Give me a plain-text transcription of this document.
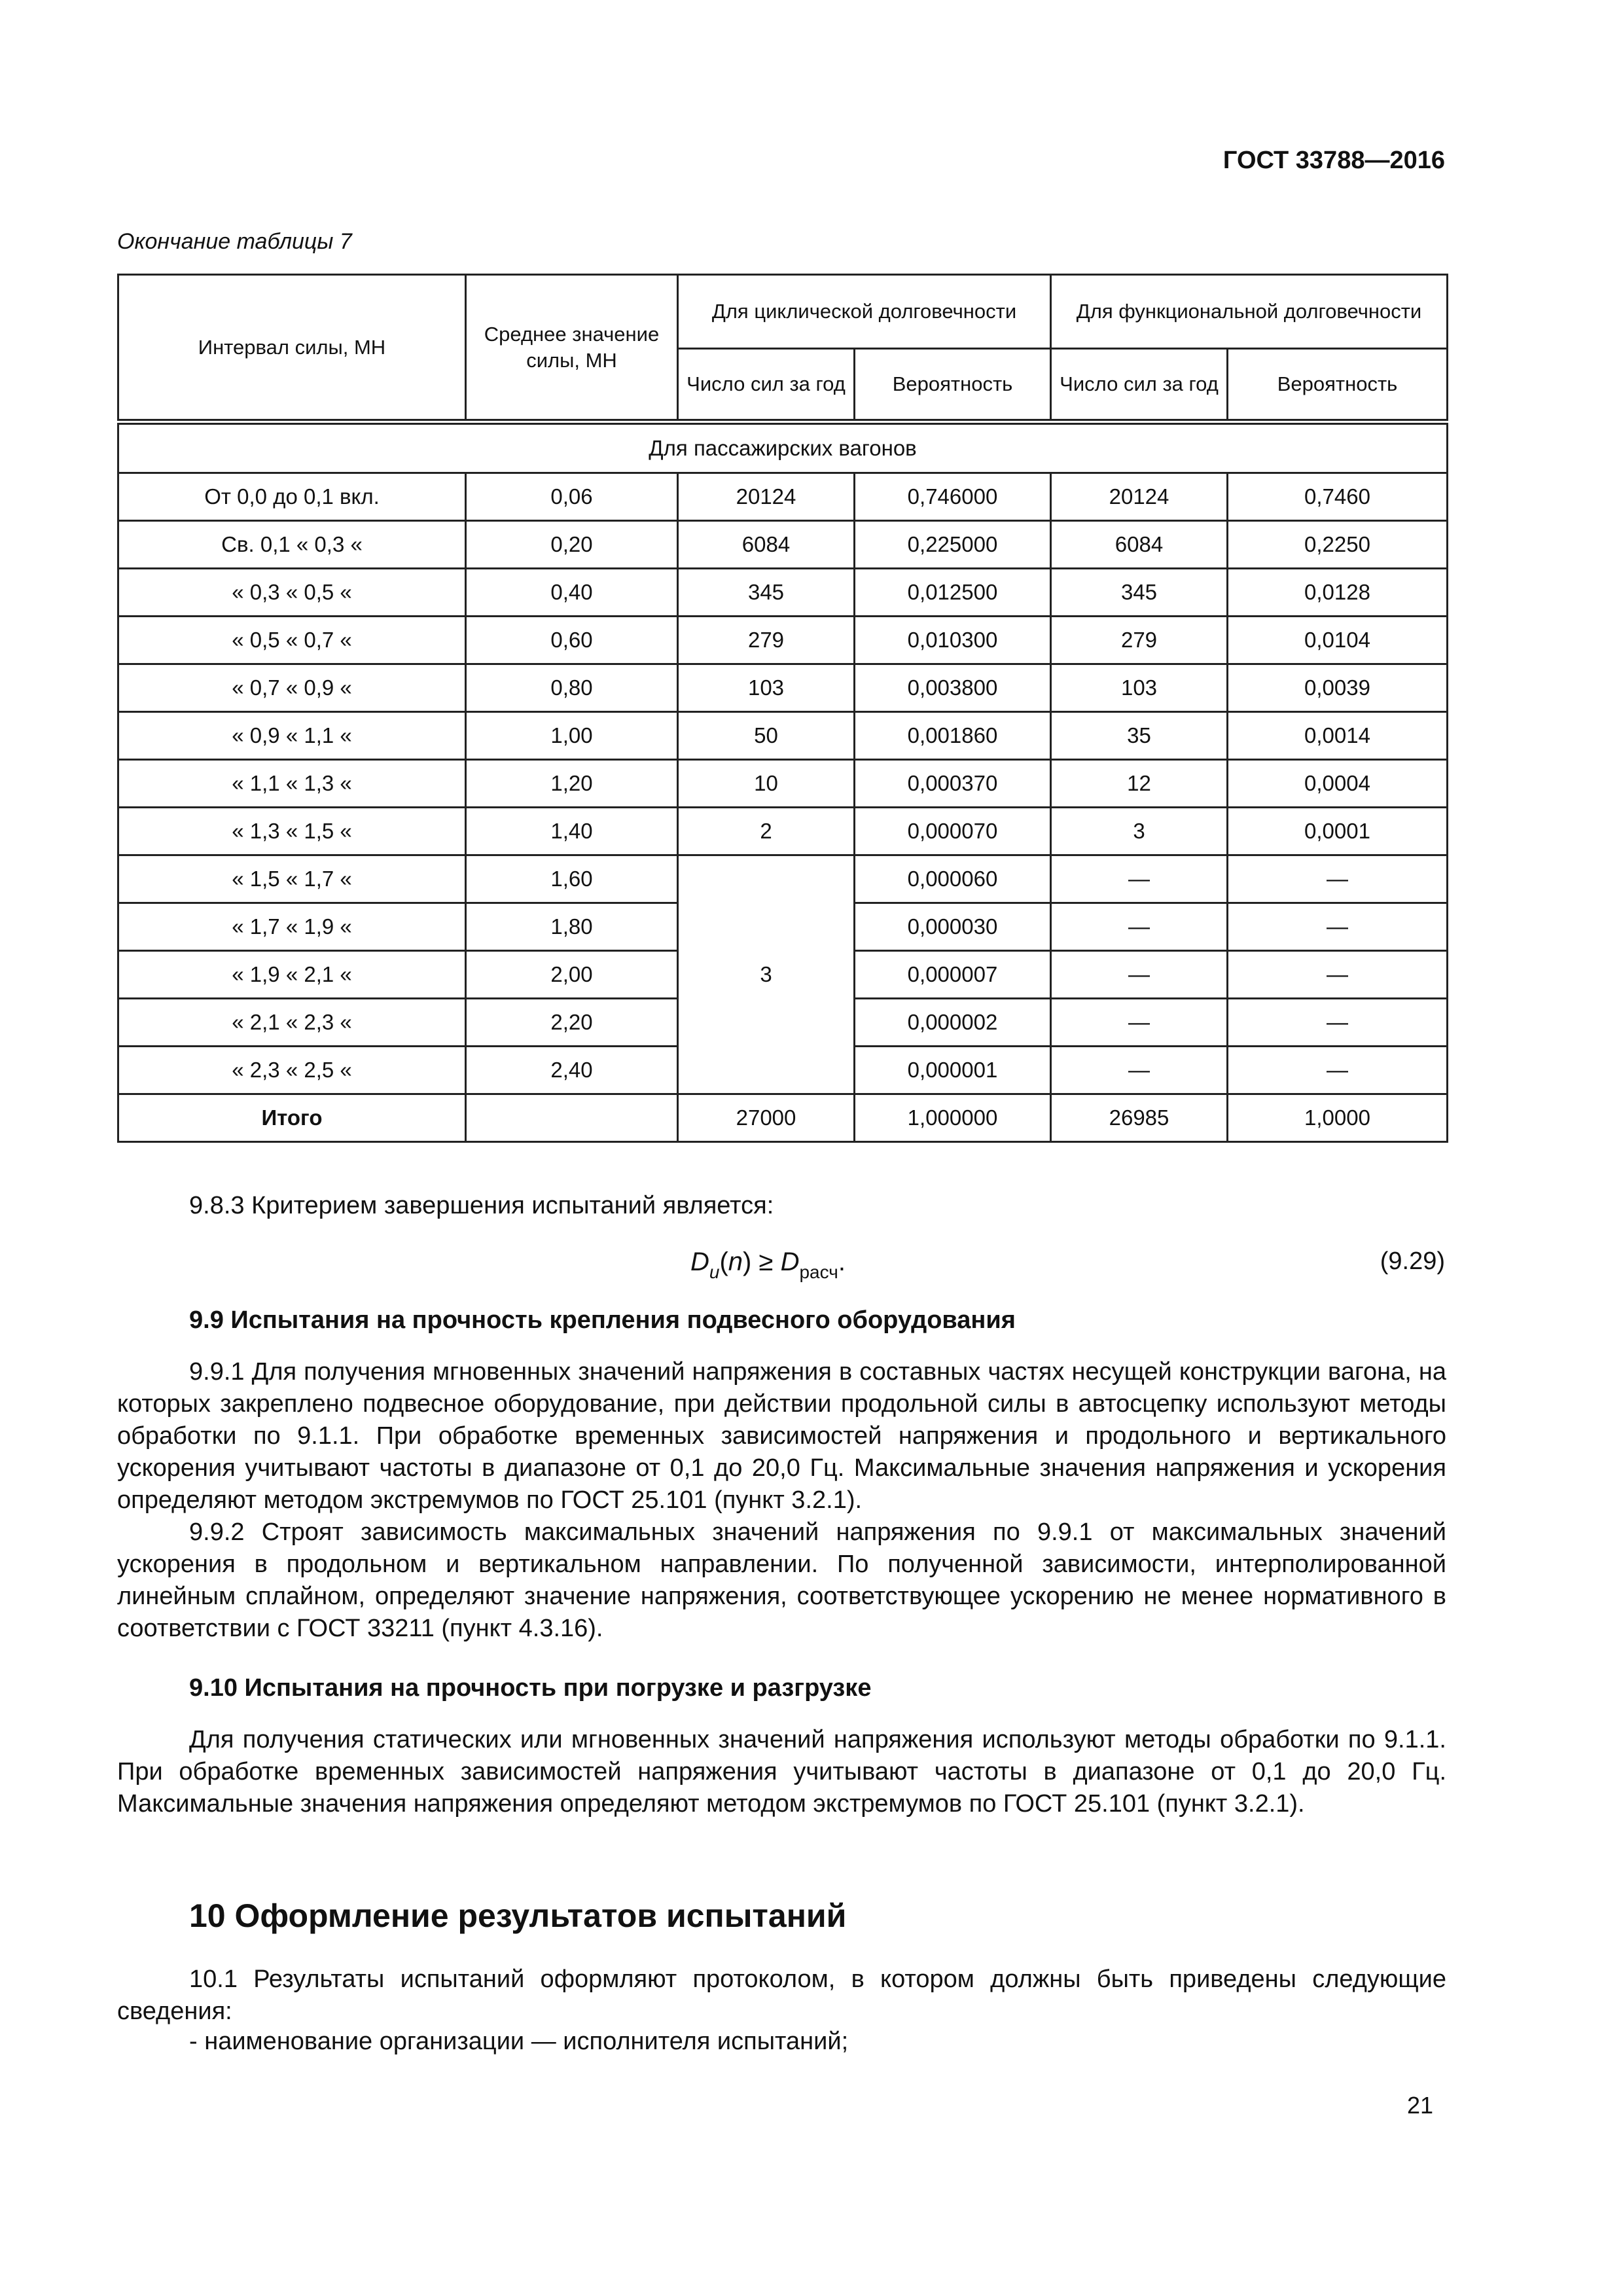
ГОСТ 33788—2016
Окончание таблицы 7
Интервал силы, МН	Среднее значение силы, МН	Для циклической долговечности		Для функциональной долговечности	
		Число сил за год	Вероятность	Число сил за год	Вероятность
Для пассажирских вагонов					
От 0,0 до 0,1 вкл.	0,06	20124	0,746000	20124	0,7460
Св. 0,1 « 0,3 «	0,20	6084	0,225000	6084	0,2250
« 0,3 « 0,5 «	0,40	345	0,012500	345	0,0128
« 0,5 « 0,7 «	0,60	279	0,010300	279	0,0104
« 0,7 « 0,9 «	0,80	103	0,003800	103	0,0039
« 0,9 « 1,1 «	1,00	50	0,001860	35	0,0014
« 1,1 « 1,3 «	1,20	10	0,000370	12	0,0004
« 1,3 « 1,5 «	1,40	2	0,000070	3	0,0001
« 1,5 « 1,7 «	1,60	3	0,000060	—	—
« 1,7 « 1,9 «	1,80		0,000030	—	—
« 1,9 « 2,1 «	2,00		0,000007	—	—
« 2,1 « 2,3 «	2,20		0,000002	—	—
« 2,3 « 2,5 «	2,40		0,000001	—	—
Итого		27000	1,000000	26985	1,0000

9.8.3 Критерием завершения испытаний является:

$D_u(n) \ge D_{расч}$.	(9.29)
9.9 Испытания на прочность крепления подвесного оборудования

9.9.1 Для получения мгновенных значений напряжения в составных частях несущей конструкции вагона, на которых закреплено подвесное оборудование, при действии продольной силы в автосцепку используют методы обработки по 9.1.1. При обработке временных зависимостей напряжения и продольного и вертикального ускорения учитывают частоты в диапазоне от 0,1 до 20,0 Гц. Максимальные значения напряжения и ускорения определяют методом экстремумов по ГОСТ 25.101 (пункт 3.2.1).

9.9.2 Строят зависимость максимальных значений напряжения по 9.9.1 от максимальных значений ускорения в продольном и вертикальном направлении. По полученной зависимости, интерполированной линейным сплайном, определяют значение напряжения, соответствующее ускорению не менее нормативного в соответствии с ГОСТ 33211 (пункт 4.3.16).

9.10 Испытания на прочность при погрузке и разгрузке

Для получения статических или мгновенных значений напряжения используют методы обработки по 9.1.1. При обработке временных зависимостей напряжения учитывают частоты в диапазоне от 0,1 до 20,0 Гц. Максимальные значения напряжения определяют методом экстремумов по ГОСТ 25.101 (пункт 3.2.1).

10 Оформление результатов испытаний

10.1 Результаты испытаний оформляют протоколом, в котором должны быть приведены следующие сведения:

- наименование организации — исполнителя испытаний;
21
